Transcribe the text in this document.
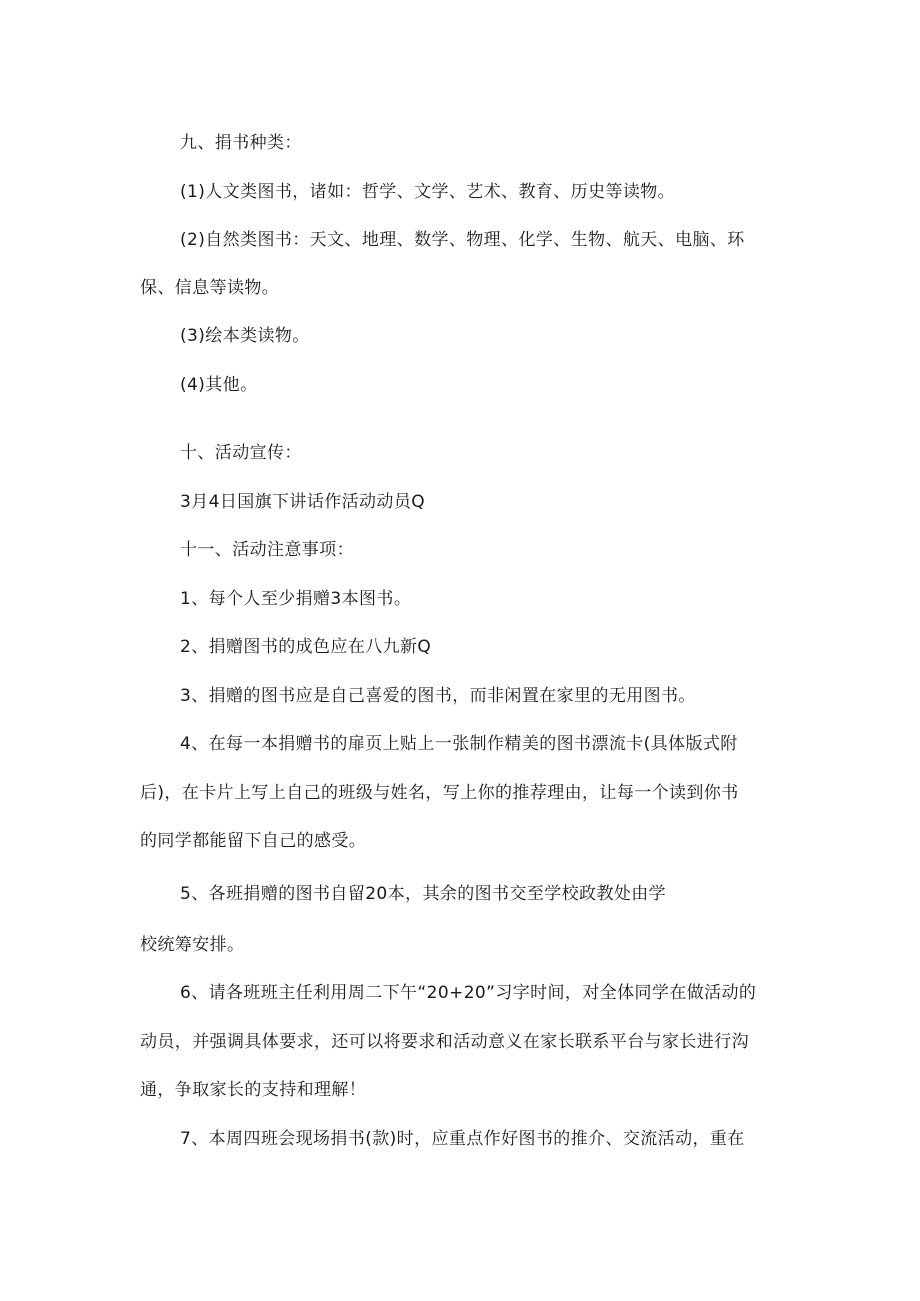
九、捐书种类：
(1)人文类图书，诸如：哲学、文学、艺术、教育、历史等读物。
(2)自然类图书：天文、地理、数学、物理、化学、生物、航天、电脑、环
保、信息等读物。
(3)绘本类读物。
(4)其他。
十、活动宣传：
3月4日国旗下讲话作活动动员Q
十一、活动注意事项：
1、每个人至少捐赠3本图书。
2、捐赠图书的成色应在八九新Q
3、捐赠的图书应是自己喜爱的图书，而非闲置在家里的无用图书。
4、在每一本捐赠书的扉页上贴上一张制作精美的图书漂流卡(具体版式附
后)，在卡片上写上自己的班级与姓名，写上你的推荐理由，让每一个读到你书
的同学都能留下自己的感受。
5、各班捐赠的图书自留20本，其余的图书交至学校政教处由学
校统筹安排。
6、请各班班主任利用周二下午“20+20”习字时间，对全体同学在做活动的
动员，并强调具体要求，还可以将要求和活动意义在家长联系平台与家长进行沟
通，争取家长的支持和理解！
7、本周四班会现场捐书(款)时，应重点作好图书的推介、交流活动，重在
